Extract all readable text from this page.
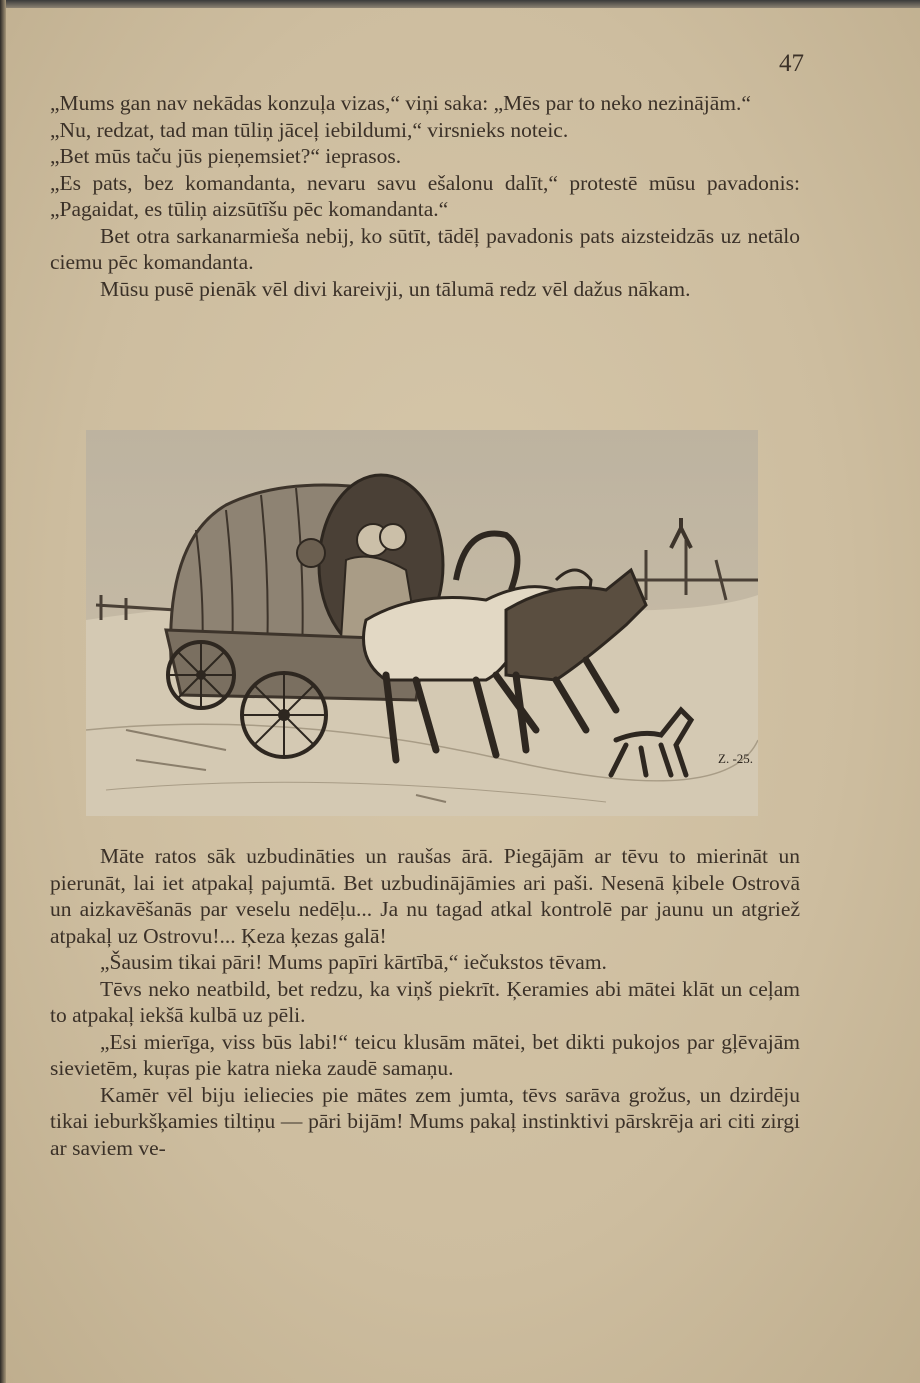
47

„Mums gan nav nekādas konzuļa vizas,“ viņi saka: „Mēs par to neko nezinājām.“

„Nu, redzat, tad man tūliņ jāceļ iebildumi,“ virsnieks noteic.

„Bet mūs taču jūs pieņemsiet?“ ieprasos.

„Es pats, bez komandanta, nevaru savu ešalonu dalīt,“ protestē mūsu pavadonis: „Pagaidat, es tūliņ aizsūtīšu pēc komandanta.“

Bet otra sarkanarmieša nebij, ko sūtīt, tādēļ pavadonis pats aizsteidzās uz netālo ciemu pēc komandanta.

Mūsu pusē pienāk vēl divi kareivji, un tālumā redz vēl dažus nākam.

Z. -25.

Māte ratos sāk uzbudināties un raušas ārā. Piegājām ar tēvu to mierināt un pierunāt, lai iet atpakaļ pajumtā. Bet uzbudinājāmies ari paši. Nesenā ķibele Ostrovā un aizkavēšanās par veselu nedēļu... Ja nu tagad atkal kontrolē par jaunu un atgriež atpakaļ uz Ostrovu!... Ķeza ķezas galā!

„Šausim tikai pāri! Mums papīri kārtībā,“ iečukstos tēvam.

Tēvs neko neatbild, bet redzu, ka viņš piekrīt. Ķeramies abi mātei klāt un ceļam to atpakaļ iekšā kulbā uz pēli.

„Esi mierīga, viss būs labi!“ teicu klusām mātei, bet dikti pukojos par gļēvajām sievietēm, kuŗas pie katra nieka zaudē samaņu.

Kamēr vēl biju ieliecies pie mātes zem jumta, tēvs sarāva grožus, un dzirdēju tikai ieburkšķamies tiltiņu — pāri bijām! Mums pakaļ instinktivi pārskrēja ari citi zirgi ar saviem ve-
